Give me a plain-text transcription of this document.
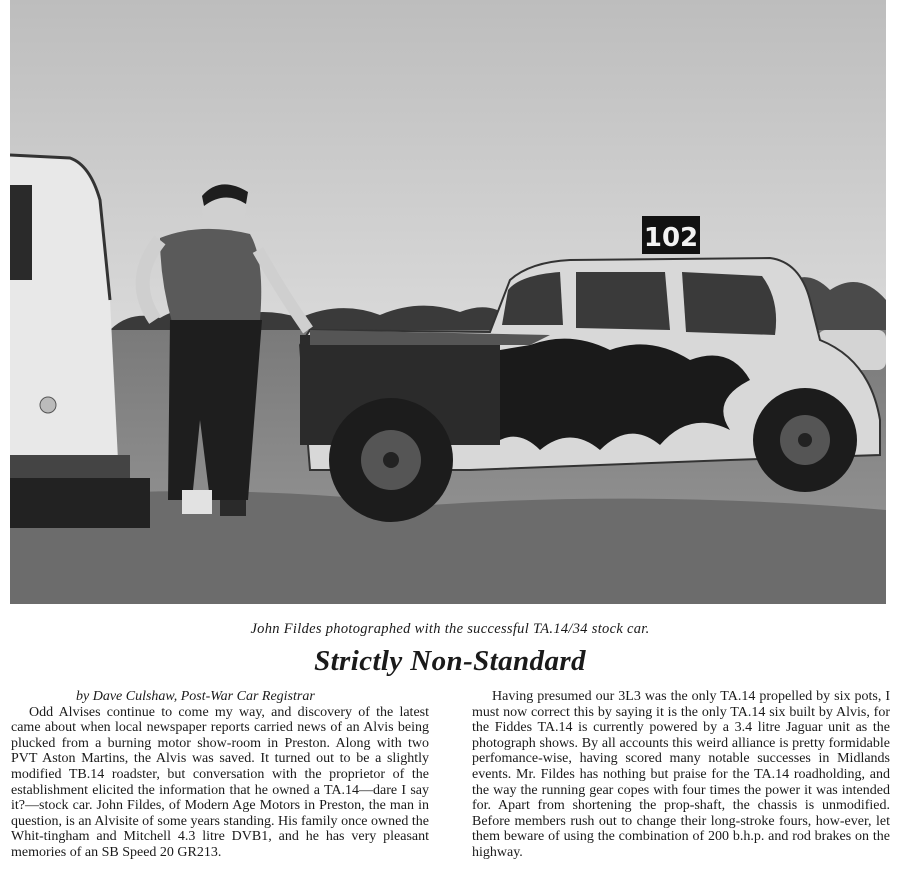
102
John Fildes photographed with the successful TA.14/34 stock car.
Strictly Non-Standard
by Dave Culshaw, Post-War Car Registrar

Odd Alvises continue to come my way, and discovery of the latest came about when local newspaper reports carried news of an Alvis being plucked from a burning motor show-room in Preston. Along with two PVT Aston Martins, the Alvis was saved. It turned out to be a slightly modified TB.14 roadster, but conversation with the proprietor of the establishment elicited the information that he owned a TA.14—dare I say it?—stock car. John Fildes, of Modern Age Motors in Preston, the man in question, is an Alvisite of some years standing. His family once owned the Whit-tingham and Mitchell 4.3 litre DVB1, and he has very pleasant memories of an SB Speed 20 GR213.

Having presumed our 3L3 was the only TA.14 propelled by six pots, I must now correct this by saying it is the only TA.14 six built by Alvis, for the Fiddes TA.14 is currently powered by a 3.4 litre Jaguar unit as the photograph shows. By all accounts this weird alliance is pretty formidable perfomance-wise, having scored many notable successes in Midlands events. Mr. Fildes has nothing but praise for the TA.14 roadholding, and the way the running gear copes with four times the power it was intended for. Apart from shortening the prop-shaft, the chassis is unmodified. Before members rush out to change their long-stroke fours, how-ever, let them beware of using the combination of 200 b.h.p. and rod brakes on the highway.
